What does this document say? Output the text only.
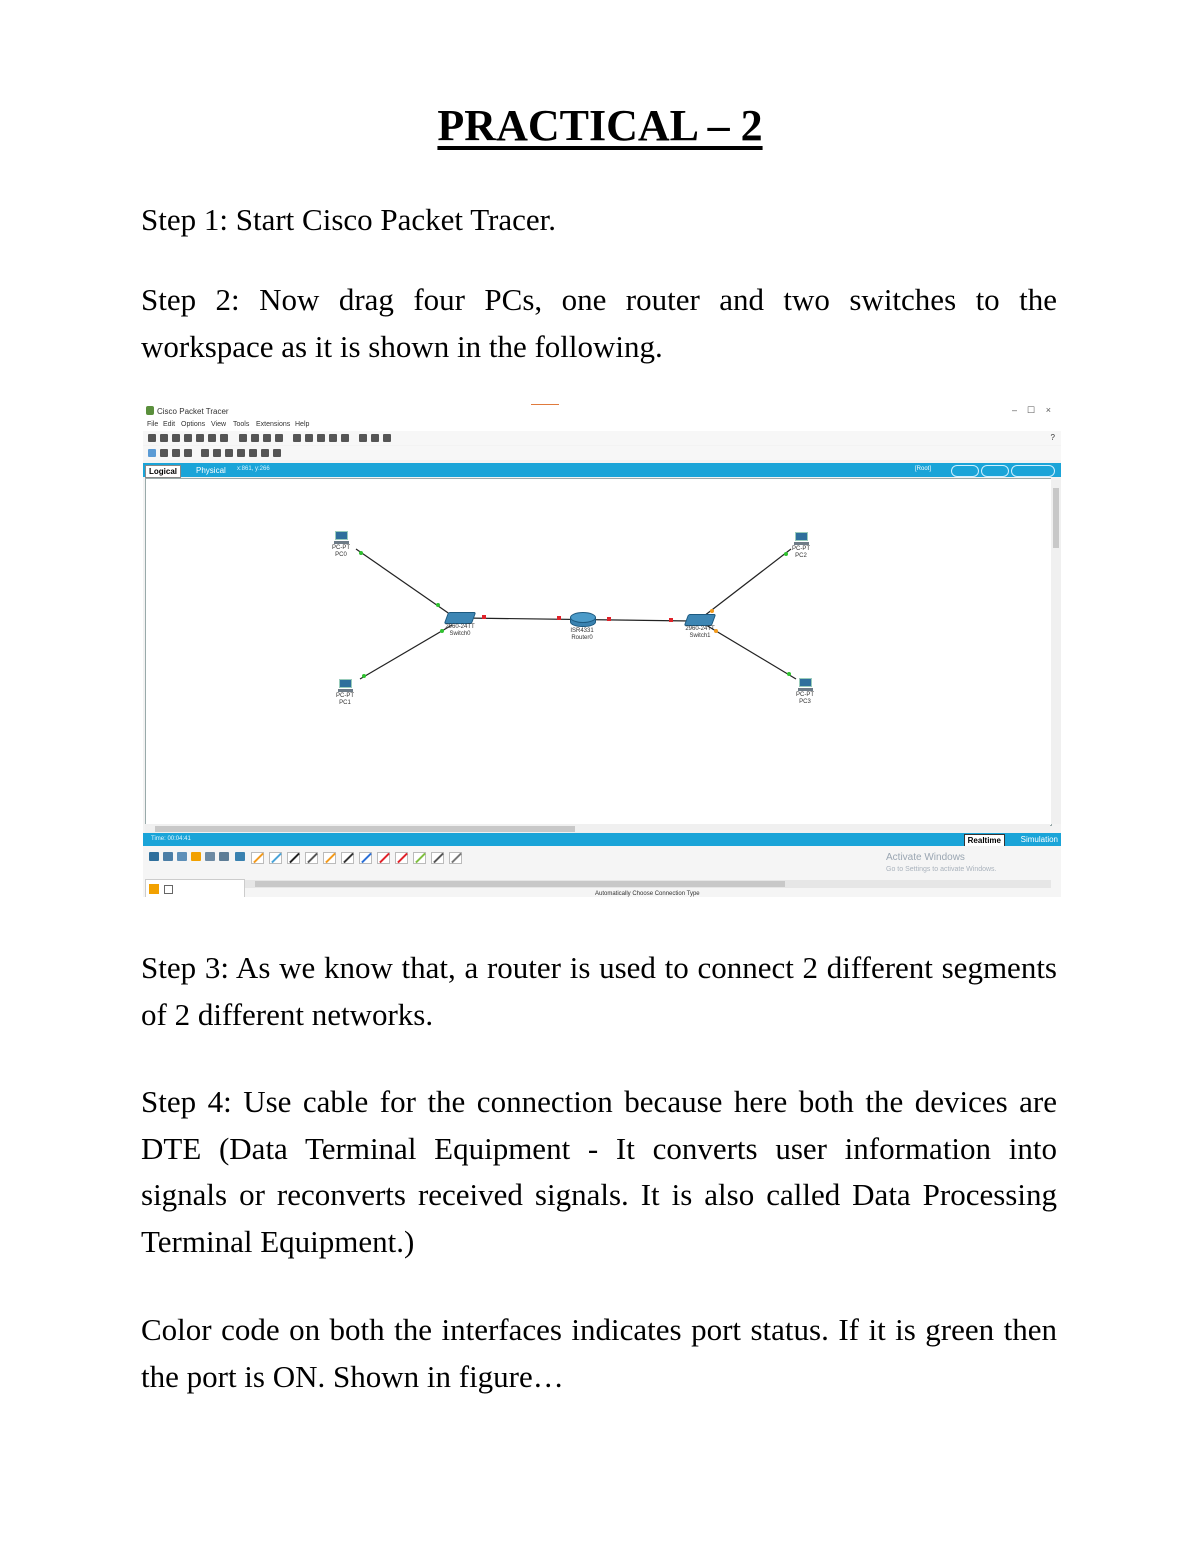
PRACTICAL – 2
Step 1: Start Cisco Packet Tracer.
Step 2: Now drag four PCs, one router and two switches to the workspace as it is shown in the following.
Cisco Packet Tracer	– ☐ ×
File Edit Options View Tools Extensions Help
?
Logical	Physical	x:861, y:266	[Root]
PC-PT
PC0
PC-PT
PC1
PC-PT
PC2
PC-PT
PC3
2960-24TT
Switch0	ISR4331
Router0
2960-24TT
Switch1
Time: 00:04:41	Realtime	Simulation
Activate Windows
Go to Settings to activate Windows.
Automatically Choose Connection Type
Step 3: As we know that, a router is used to connect 2 different segments of 2 different networks.
Step 4: Use cable for the connection because here both the devices are DTE (Data Terminal Equipment - It converts user information into signals or reconverts received signals. It is also called Data Processing Terminal Equipment.)
Color code on both the interfaces indicates port status. If it is green then the port is ON. Shown in figure…
